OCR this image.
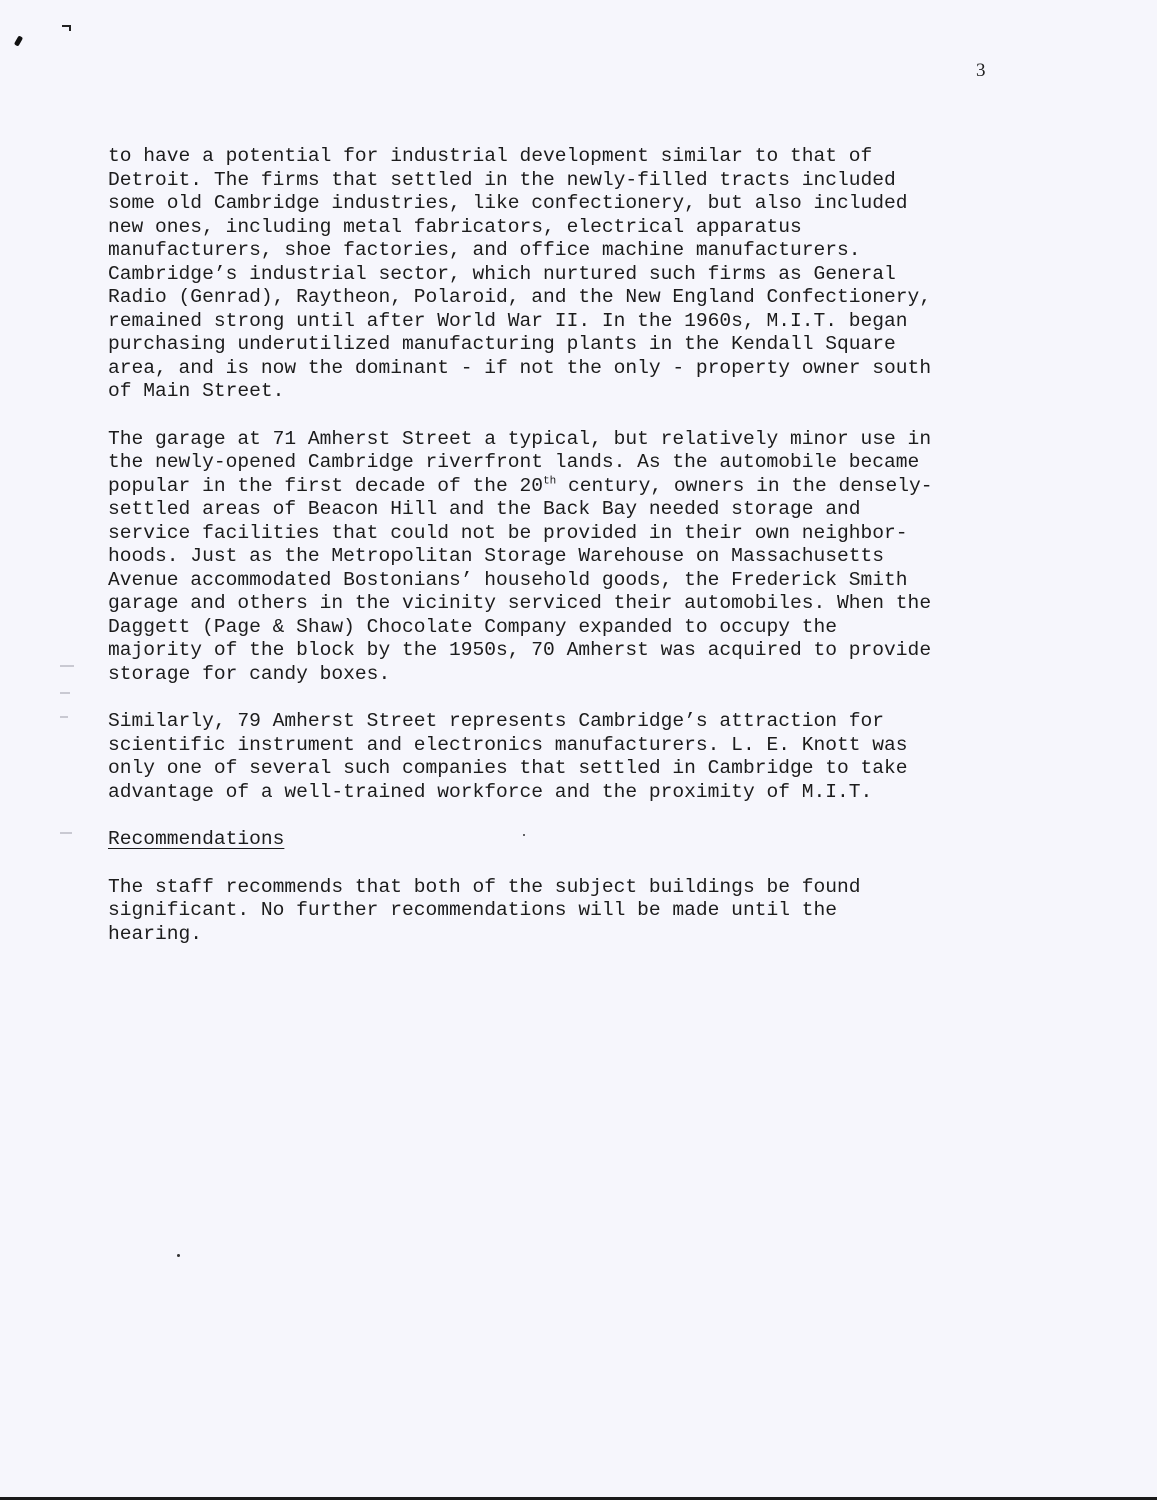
3

to have a potential for industrial development similar to that of
Detroit. The firms that settled in the newly-filled tracts included
some old Cambridge industries, like confectionery, but also included
new ones, including metal fabricators, electrical apparatus
manufacturers, shoe factories, and office machine manufacturers.
Cambridge’s industrial sector, which nurtured such firms as General
Radio (Genrad), Raytheon, Polaroid, and the New England Confectionery,
remained strong until after World War II. In the 1960s, M.I.T. began
purchasing underutilized manufacturing plants in the Kendall Square
area, and is now the dominant - if not the only - property owner south
of Main Street.

The garage at 71 Amherst Street a typical, but relatively minor use in
the newly-opened Cambridge riverfront lands. As the automobile became
popular in the first decade of the 20th century, owners in the densely-
settled areas of Beacon Hill and the Back Bay needed storage and
service facilities that could not be provided in their own neighbor-
hoods. Just as the Metropolitan Storage Warehouse on Massachusetts
Avenue accommodated Bostonians’ household goods, the Frederick Smith
garage and others in the vicinity serviced their automobiles. When the
Daggett (Page & Shaw) Chocolate Company expanded to occupy the
majority of the block by the 1950s, 70 Amherst was acquired to provide
storage for candy boxes.

Similarly, 79 Amherst Street represents Cambridge’s attraction for
scientific instrument and electronics manufacturers. L. E. Knott was
only one of several such companies that settled in Cambridge to take
advantage of a well-trained workforce and the proximity of M.I.T.

Recommendations

The staff recommends that both of the subject buildings be found
significant. No further recommendations will be made until the
hearing.
